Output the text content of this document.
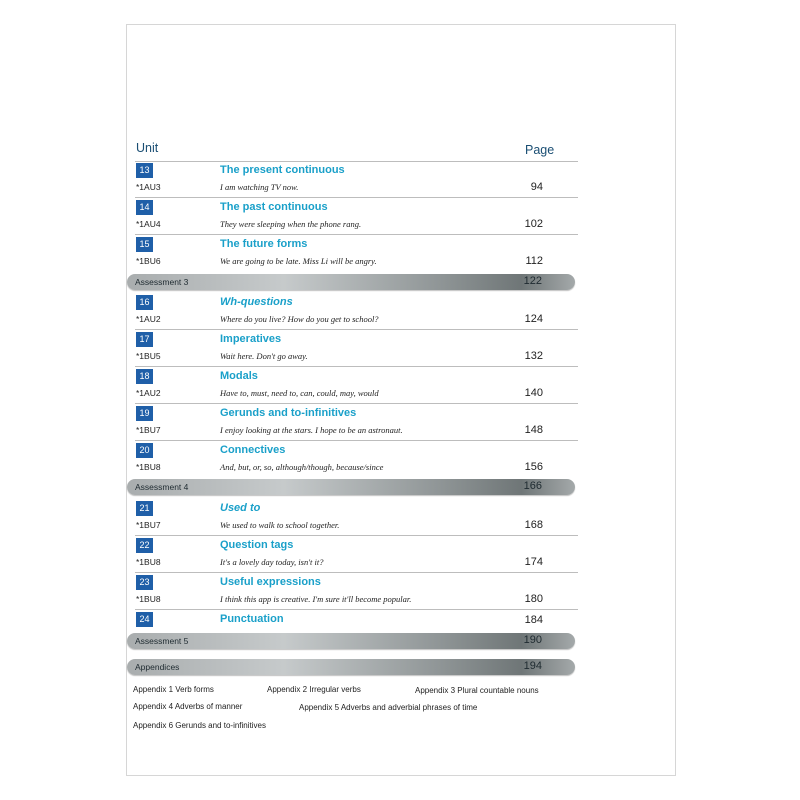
Unit	Page
13	The present continuous
*1AU3	I am watching TV now.	94
14	The past continuous
*1AU4	They were sleeping when the phone rang.	102
15	The future forms
*1BU6	We are going to be late. Miss Li will be angry.	112
Assessment 3	122
16	Wh-questions
*1AU2	Where do you live? How do you get to school?	124
17	Imperatives
*1BU5	Wait here. Don't go away.	132
18	Modals
*1AU2	Have to, must, need to, can, could, may, would	140
19	Gerunds and to-infinitives
*1BU7	I enjoy looking at the stars. I hope to be an astronaut.	148
20	Connectives
*1BU8	And, but, or, so, although/though, because/since	156
Assessment 4	166
21	Used to
*1BU7	We used to walk to school together.	168
22	Question tags
*1BU8	It's a lovely day today, isn't it?	174
23	Useful expressions
*1BU8	I think this app is creative. I'm sure it'll become popular.	180
24	Punctuation	184
Assessment 5	190
Appendices	194
Appendix 1 Verb forms	Appendix 2 Irregular verbs	Appendix 3 Plural countable nouns
Appendix 4 Adverbs of manner	Appendix 5 Adverbs and adverbial phrases of time
Appendix 6 Gerunds and to-infinitives
